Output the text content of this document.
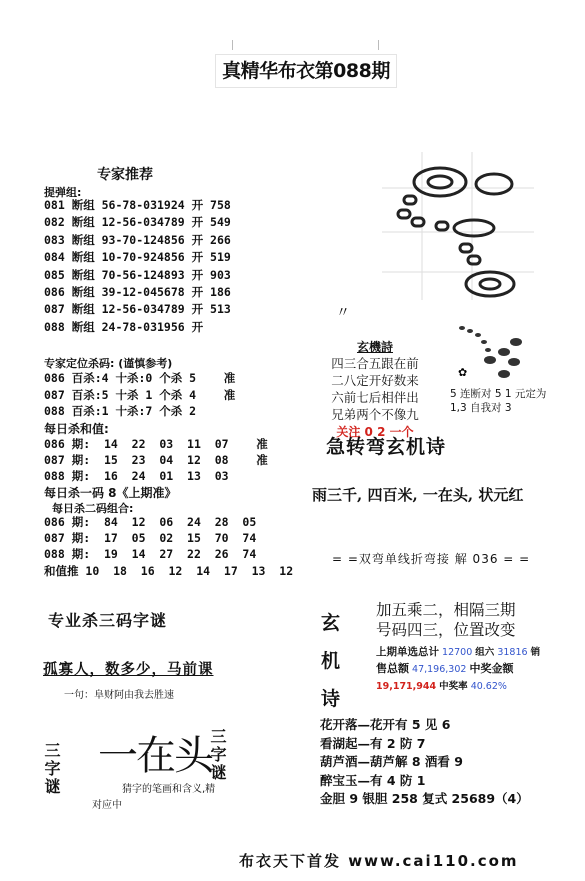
真精华布衣第088期
专家推荐
提弹组:
081 断组 56-78-031924 开 758
082 断组 12-56-034789 开 549
083 断组 93-70-124856 开 266
084 断组 10-70-924856 开 519
085 断组 70-56-124893 开 903
086 断组 39-12-045678 开 186
087 断组 12-56-034789 开 513
088 断组 24-78-031956 开
专家定位杀码: (谨慎参考)
086 百杀:4 十杀:0 个杀 5    准
087 百杀:5 十杀 1 个杀 4    准
088 百杀:1 十杀:7 个杀 2
每日杀和值:
086 期:  14  22  03  11  07    准
087 期:  15  23  04  12  08    准
088 期:  16  24  01  13  03
每日杀一码 8《上期准》
每日杀二码组合:
086 期:  84  12  06  24  28  05
087 期:  17  05  02  15  70  74
088 期:  19  14  27  22  26  74
和值推 10  18  16  12  14  17  13  12
专业杀三码字谜
孤寡人，数多少，马前课
一句：阜财阿由我去胜速
三字谜 一在头
三字谜
猜字的笔画和含义,精
对应中
〃
玄機詩
四三合五跟在前
二八定开好数来
六前七后相伴出
兄弟两个不像九
关注 0 2 一个
✿
5 连断对 5 1 元定为 1,3 自我对 3
急转弯玄机诗
雨三千, 四百米, 一在头, 状元红
= =双弯单线折弯接 解 036 = =
玄机诗
加五乘二，相隔三期
号码四三，位置改变
上期单选总计 12700 组六 31816 销
售总额 47,196,302 中奖金额
19,171,944 中奖率 40.62%
花开落—花开有 5 见 6
看湖起—有 2 防 7
葫芦酒—葫芦解 8 酒看 9
醉宝玉—有 4 防 1
金胆 9 银胆 258 复式 25689（4）
布衣天下首发 www.cai110.com
